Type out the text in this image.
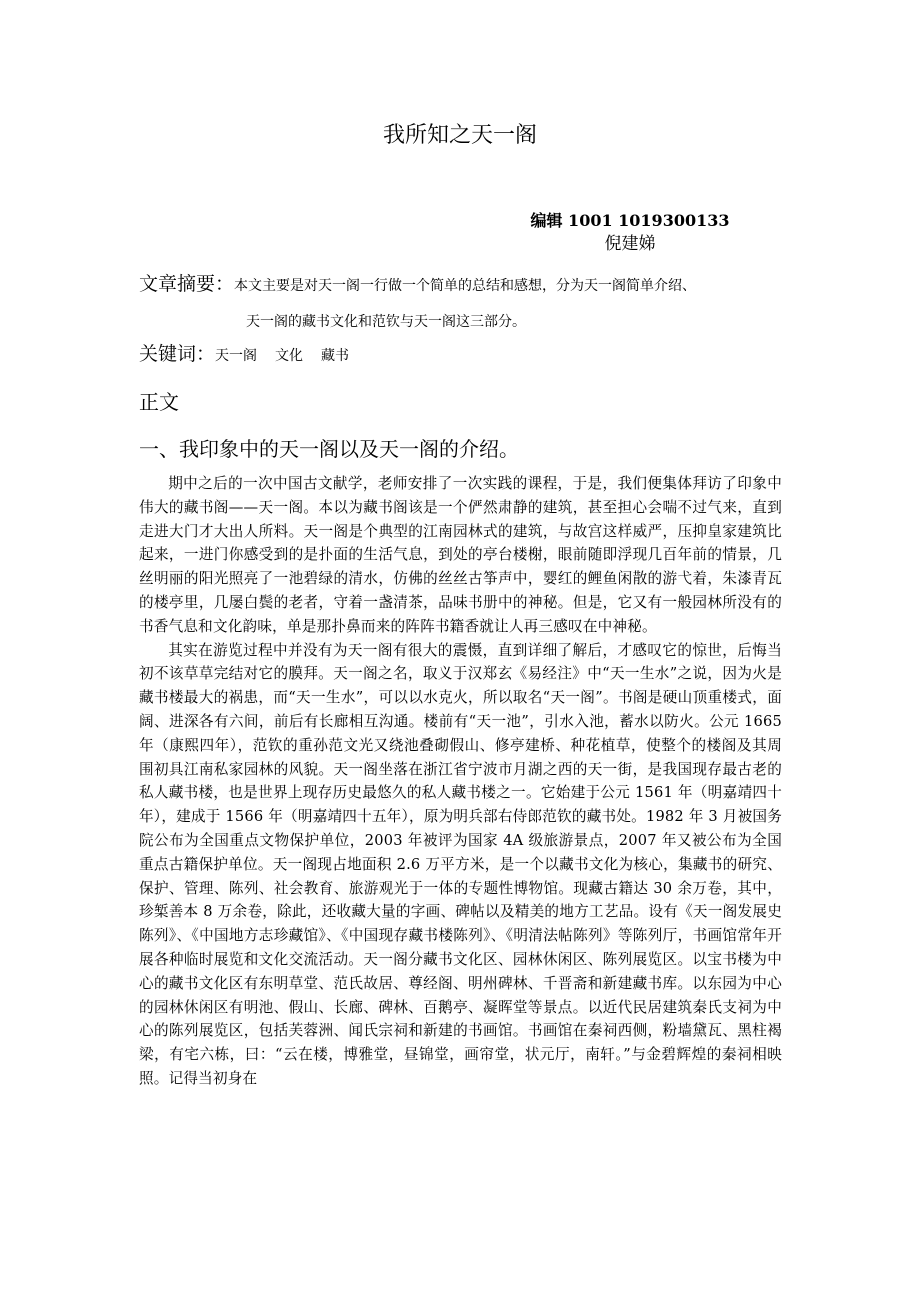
我所知之天一阁
编辑 1001 1019300133
倪建娣
文章摘要：本文主要是对天一阁一行做一个简单的总结和感想，分为天一阁简单介绍、
天一阁的藏书文化和范钦与天一阁这三部分。
关键词：天一阁 文化 藏书
正文
一、我印象中的天一阁以及天一阁的介绍。

期中之后的一次中国古文献学，老师安排了一次实践的课程，于是，我们便集体拜访了印象中伟大的藏书阁——天一阁。本以为藏书阁该是一个俨然肃静的建筑，甚至担心会喘不过气来，直到走进大门才大出人所料。天一阁是个典型的江南园林式的建筑，与故宫这样威严，压抑皇家建筑比起来，一进门你感受到的是扑面的生活气息，到处的亭台楼榭，眼前随即浮现几百年前的情景，几丝明丽的阳光照亮了一池碧绿的清水，仿佛的丝丝古筝声中，婴红的鲤鱼闲散的游弋着，朱漆青瓦的楼亭里，几屡白鬓的老者，守着一盏清茶，品味书册中的神秘。但是，它又有一般园林所没有的书香气息和文化韵味，单是那扑鼻而来的阵阵书籍香就让人再三感叹在中神秘。

其实在游览过程中并没有为天一阁有很大的震慑，直到详细了解后，才感叹它的惊世，后悔当初不该草草完结对它的膜拜。天一阁之名，取义于汉郑玄《易经注》中“天一生水”之说，因为火是藏书楼最大的祸患，而“天一生水”，可以以水克火，所以取名“天一阁”。书阁是硬山顶重楼式，面阔、进深各有六间，前后有长廊相互沟通。楼前有“天一池”，引水入池，蓄水以防火。公元 1665 年（康熙四年），范钦的重孙范文光又绕池叠砌假山、修亭建桥、种花植草，使整个的楼阁及其周围初具江南私家园林的风貌。天一阁坐落在浙江省宁波市月湖之西的天一街，是我国现存最古老的私人藏书楼，也是世界上现存历史最悠久的私人藏书楼之一。它始建于公元 1561 年（明嘉靖四十年），建成于 1566 年（明嘉靖四十五年），原为明兵部右侍郎范钦的藏书处。1982 年 3 月被国务院公布为全国重点文物保护单位，2003 年被评为国家 4A 级旅游景点，2007 年又被公布为全国重点古籍保护单位。天一阁现占地面积 2.6 万平方米，是一个以藏书文化为核心，集藏书的研究、保护、管理、陈列、社会教育、旅游观光于一体的专题性博物馆。现藏古籍达 30 余万卷，其中，珍椠善本 8 万余卷，除此，还收藏大量的字画、碑帖以及精美的地方工艺品。设有《天一阁发展史陈列》、《中国地方志珍藏馆》、《中国现存藏书楼陈列》、《明清法帖陈列》等陈列厅，书画馆常年开展各种临时展览和文化交流活动。天一阁分藏书文化区、园林休闲区、陈列展览区。以宝书楼为中心的藏书文化区有东明草堂、范氏故居、尊经阁、明州碑林、千晋斋和新建藏书库。以东园为中心的园林休闲区有明池、假山、长廊、碑林、百鹅亭、凝晖堂等景点。以近代民居建筑秦氏支祠为中心的陈列展览区，包括芙蓉洲、闻氏宗祠和新建的书画馆。书画馆在秦祠西侧，粉墙黛瓦、黑柱褐梁，有宅六栋，曰：“云在楼，博雅堂，昼锦堂，画帘堂，状元厅，南轩。”与金碧辉煌的秦祠相映照。记得当初身在
